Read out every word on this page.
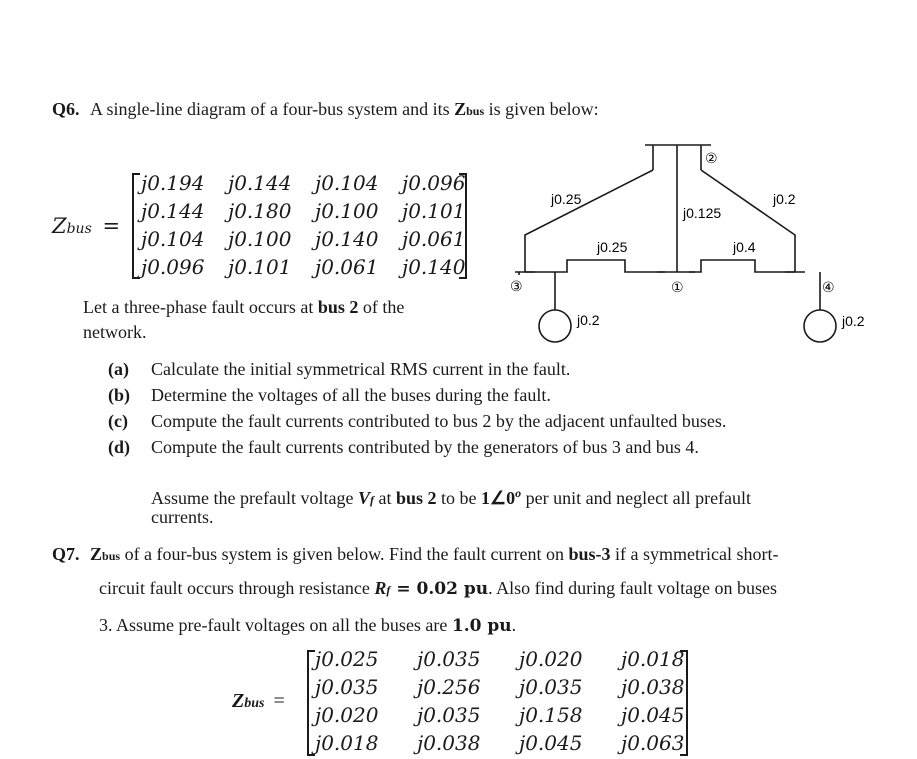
Q6. A single-line diagram of a four-bus system and its Zbus is given below:
Zbus =
j0.194 j0.144 j0.104 j0.096
j0.144 j0.180 j0.100 j0.101
j0.104 j0.100 j0.140 j0.061
j0.096 j0.101 j0.061 j0.140
Let a three-phase fault occurs at bus 2 of the
network.
②
③	①	④
j0.25
j0.125
j0.2
j0.25	j0.4
j0.2	j0.2
(a) Calculate the initial symmetrical RMS current in the fault.
(b) Determine the voltages of all the buses during the fault.
(c) Compute the fault currents contributed to bus 2 by the adjacent unfaulted buses.
(d) Compute the fault currents contributed by the generators of bus 3 and bus 4.
Assume the prefault voltage Vf at bus 2 to be 1∠0$^o$ per unit and neglect all prefault
currents.
Q7. Zbus of a four-bus system is given below. Find the fault current on bus-3 if a symmetrical short-
circuit fault occurs through resistance Rf = 0.02 pu. Also find during fault voltage on buses
3. Assume pre-fault voltages on all the buses are 1.0 pu.
Zbus =
j0.025 j0.035 j0.020 j0.018
j0.035 j0.256 j0.035 j0.038
j0.020 j0.035 j0.158 j0.045
j0.018 j0.038 j0.045 j0.063
